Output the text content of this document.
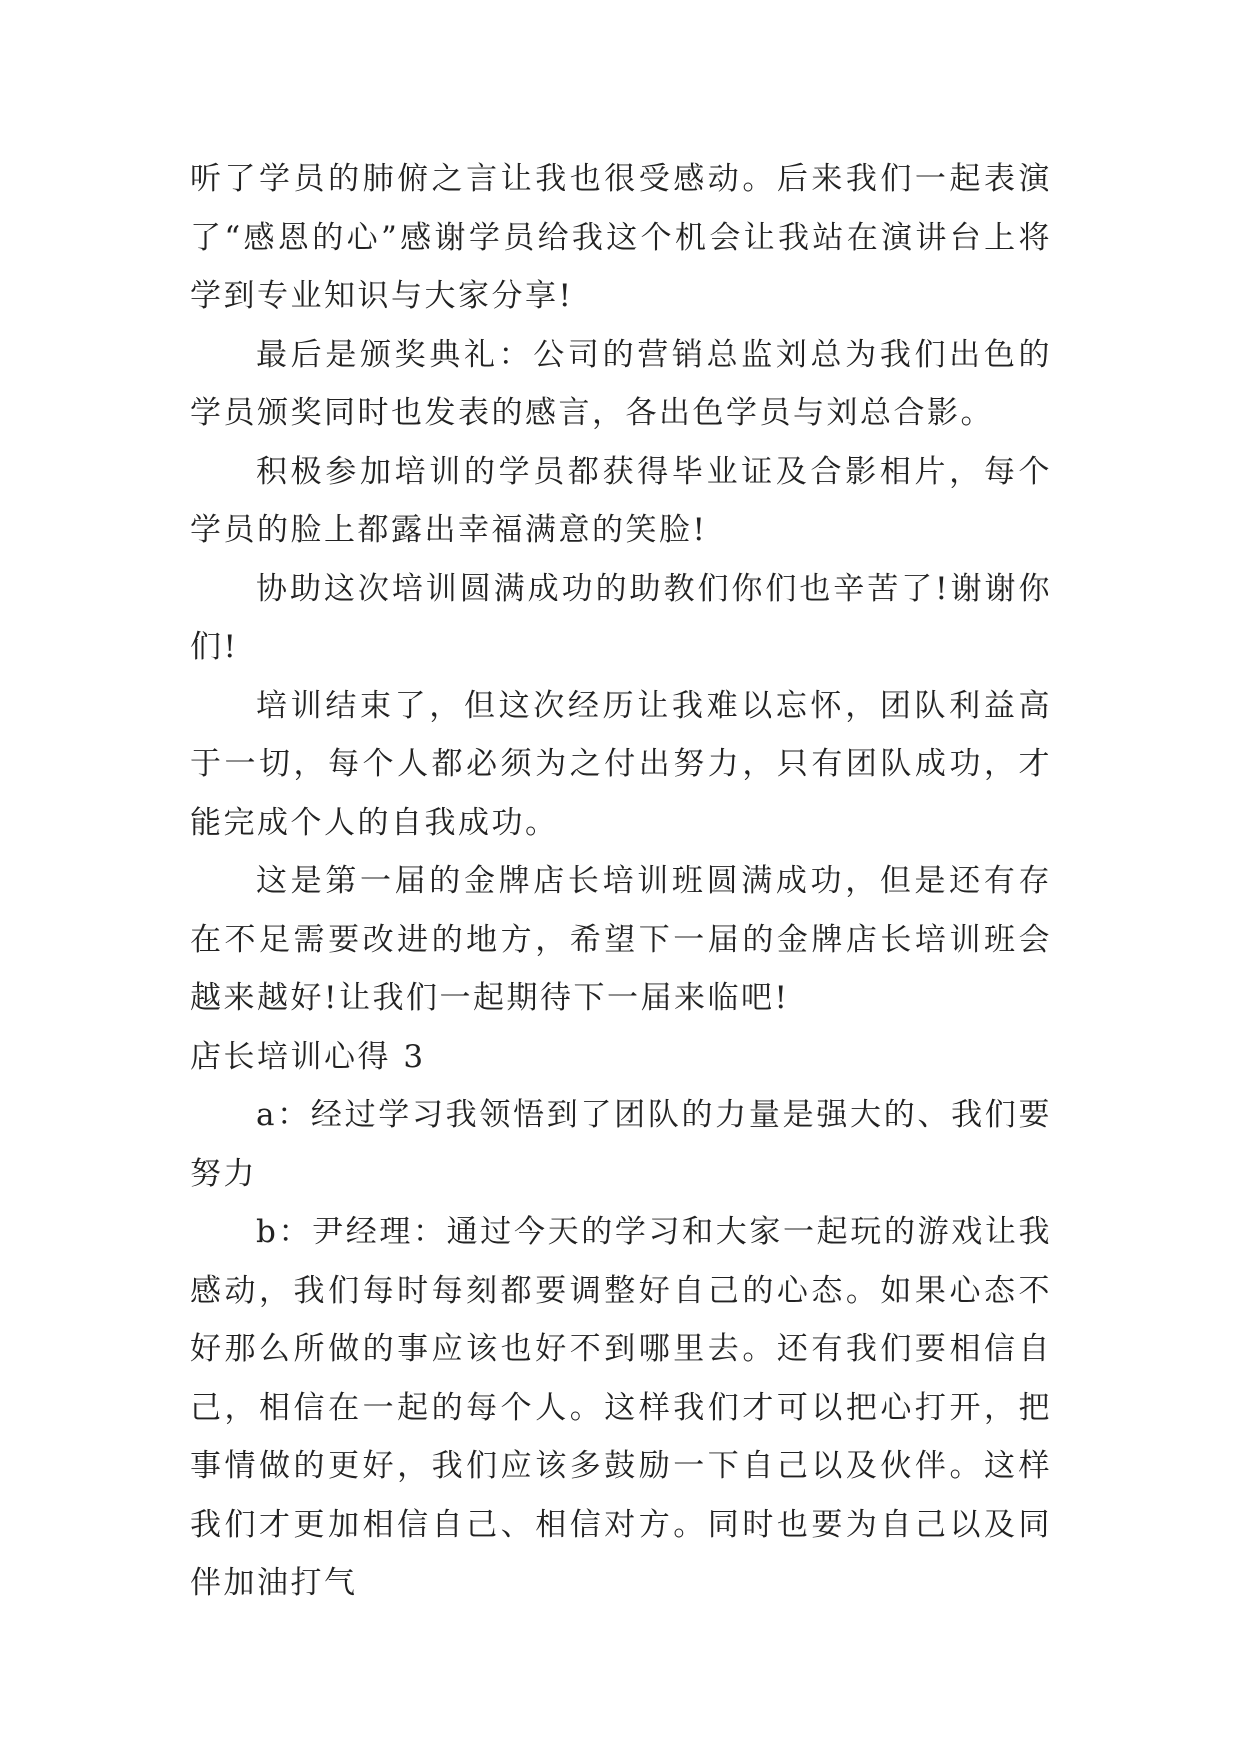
听了学员的肺俯之言让我也很受感动。后来我们一起表演了“感恩的心”感谢学员给我这个机会让我站在演讲台上将学到专业知识与大家分享!

最后是颁奖典礼：公司的营销总监刘总为我们出色的学员颁奖同时也发表的感言，各出色学员与刘总合影。

积极参加培训的学员都获得毕业证及合影相片，每个学员的脸上都露出幸福满意的笑脸!

协助这次培训圆满成功的助教们你们也辛苦了!谢谢你们!

培训结束了，但这次经历让我难以忘怀，团队利益高于一切，每个人都必须为之付出努力，只有团队成功，才能完成个人的自我成功。

这是第一届的金牌店长培训班圆满成功，但是还有存在不足需要改进的地方，希望下一届的金牌店长培训班会越来越好!让我们一起期待下一届来临吧!

店长培训心得 3

a：经过学习我领悟到了团队的力量是强大的、我们要努力

b：尹经理：通过今天的学习和大家一起玩的游戏让我感动，我们每时每刻都要调整好自己的心态。如果心态不好那么所做的事应该也好不到哪里去。还有我们要相信自己，相信在一起的每个人。这样我们才可以把心打开，把事情做的更好，我们应该多鼓励一下自己以及伙伴。这样我们才更加相信自己、相信对方。同时也要为自己以及同伴加油打气
